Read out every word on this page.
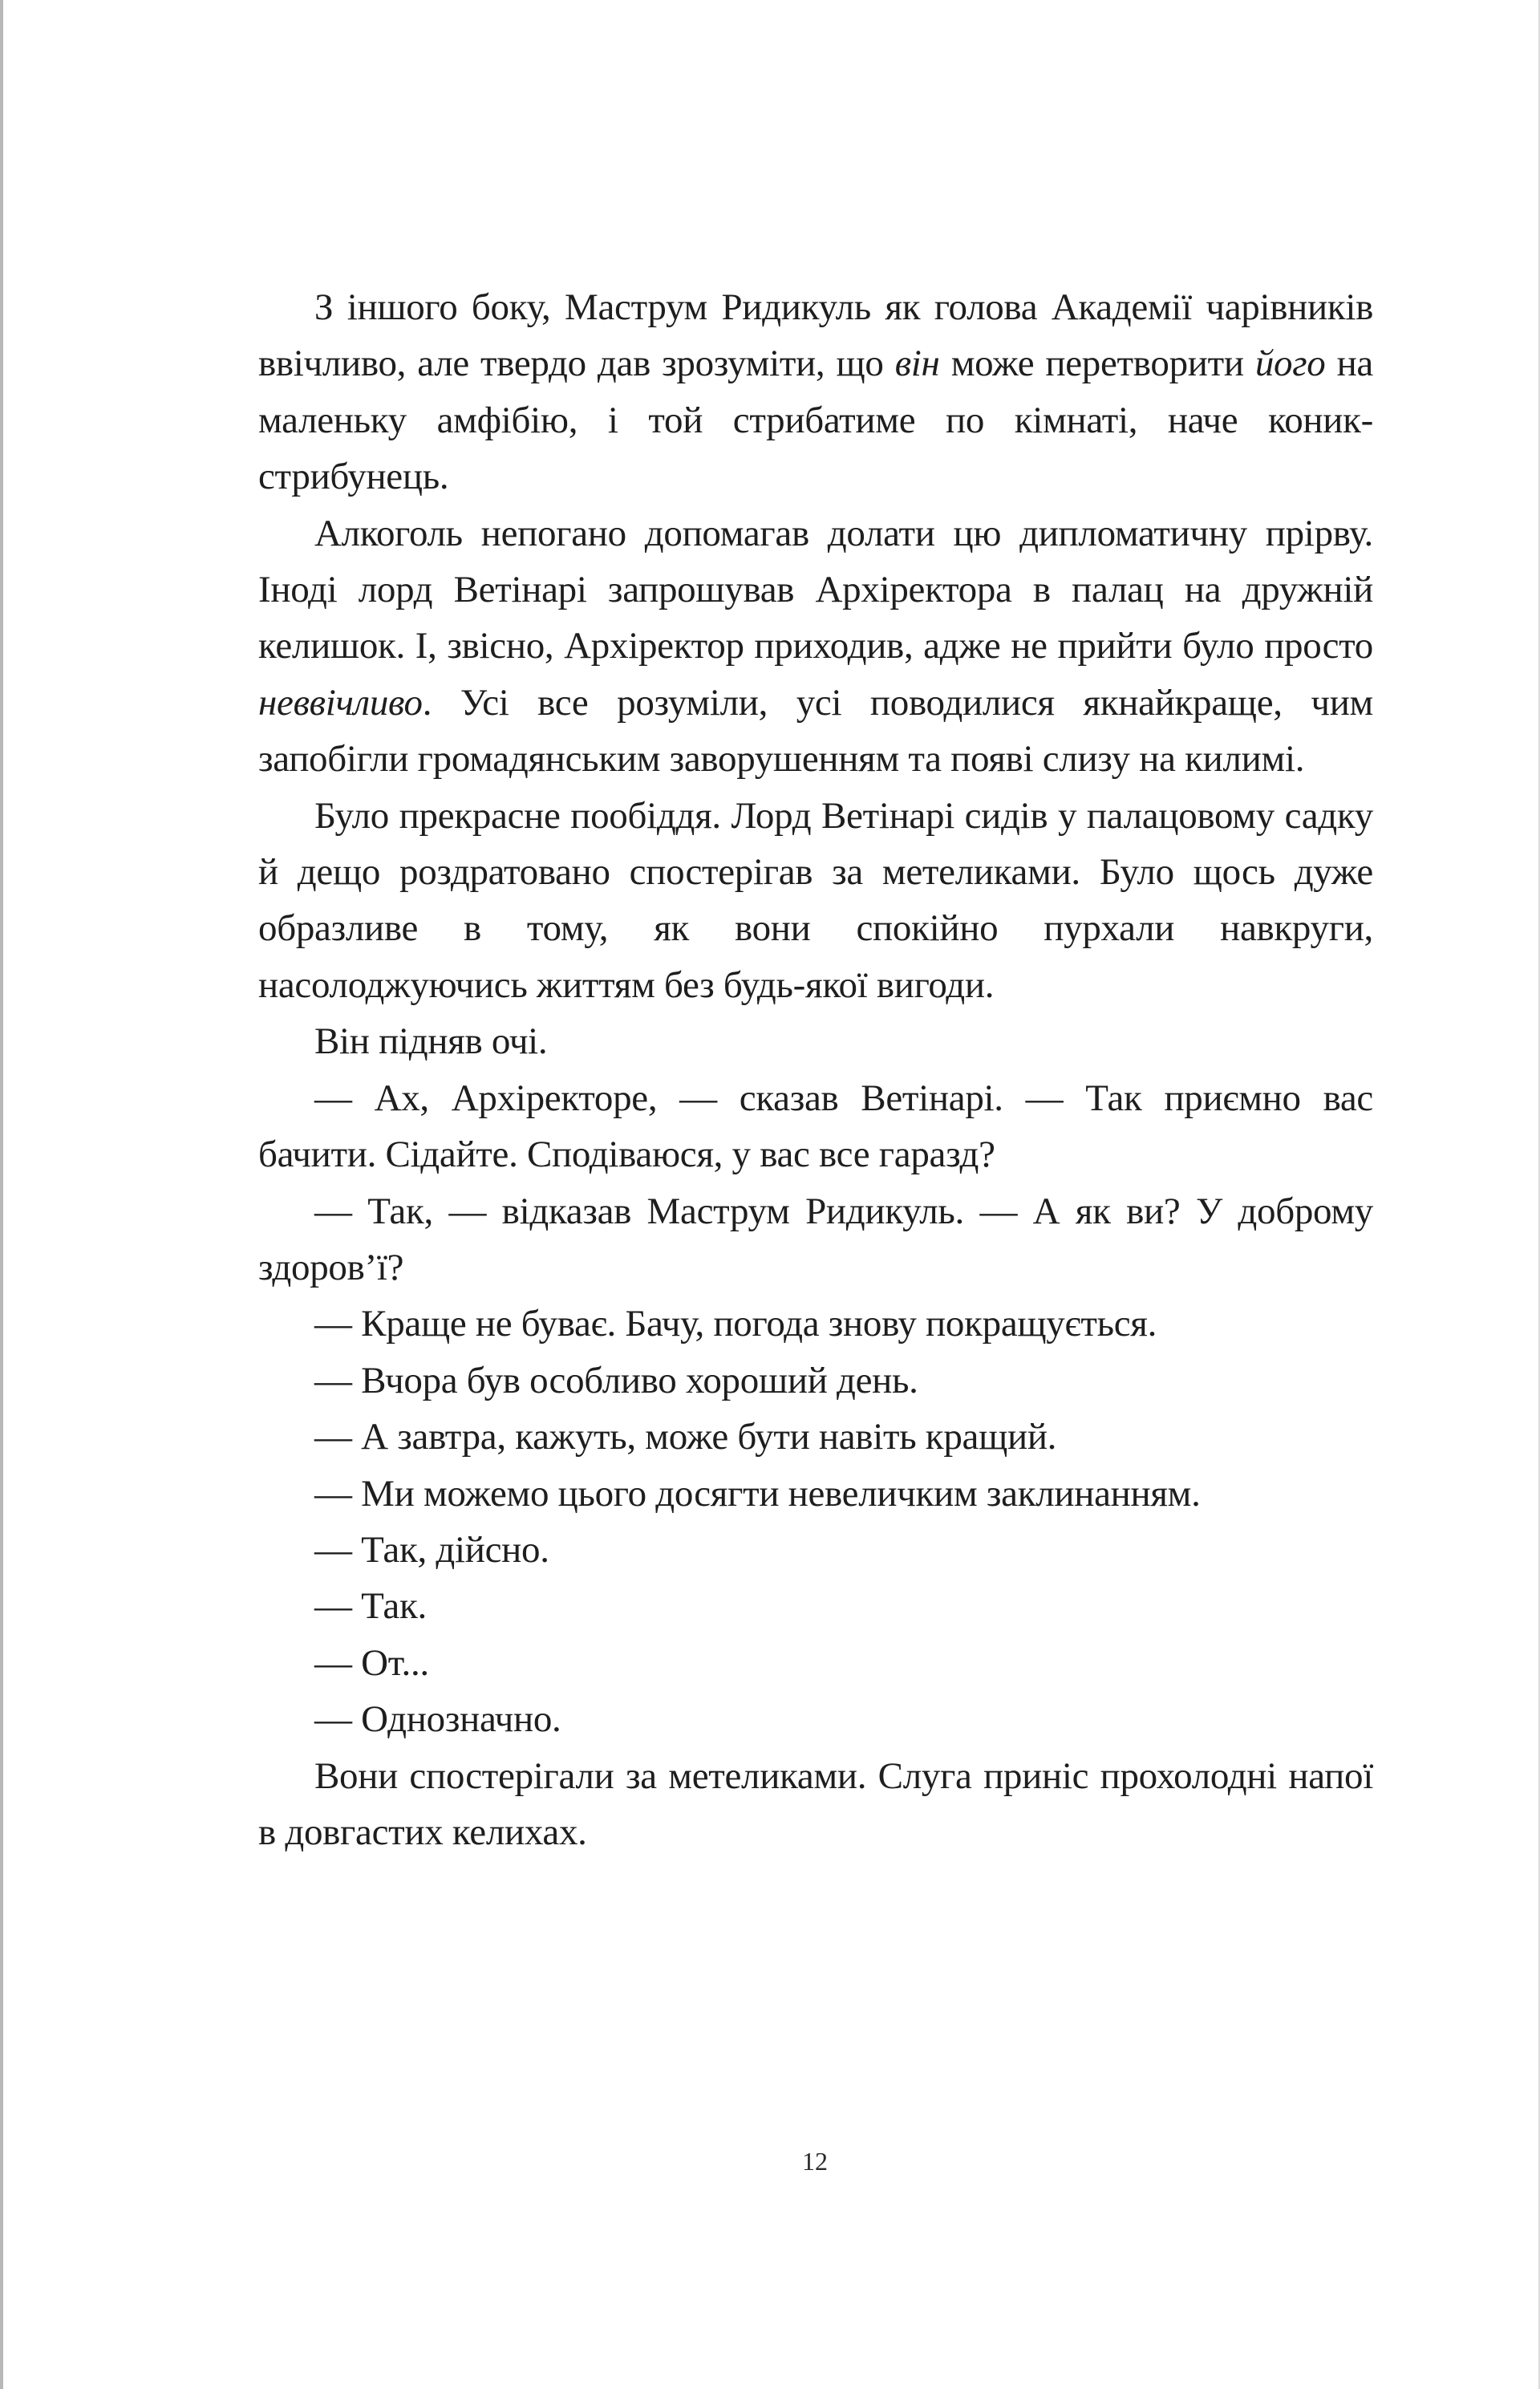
З іншого боку, Маструм Ридикуль як голова Академії чарівників ввічливо, але твердо дав зрозуміти, що він може перетворити його на маленьку амфібію, і той стрибатиме по кімнаті, наче коник-стрибунець.

Алкоголь непогано допомагав долати цю дипломатичну прірву. Іноді лорд Ветінарі запрошував Архіректора в палац на дружній келишок. І, звісно, Архіректор приходив, адже не прийти було просто неввічливо. Усі все розуміли, усі поводилися якнайкраще, чим запобігли громадянським заворушенням та появі слизу на килимі.

Було прекрасне пообіддя. Лорд Ветінарі сидів у палацовому садку й дещо роздратовано спостерігав за метеликами. Було щось дуже образливе в тому, як вони спокійно пурхали навкруги, насолоджуючись життям без будь-якої вигоди.

Він підняв очі.

— Ах, Архіректоре, — сказав Ветінарі. — Так приємно вас бачити. Сідайте. Сподіваюся, у вас все гаразд?

— Так, — відказав Маструм Ридикуль. — А як ви? У доброму здоров’ї?

— Краще не буває. Бачу, погода знову покращується.

— Вчора був особливо хороший день.

— А завтра, кажуть, може бути навіть кращий.

— Ми можемо цього досягти невеличким заклинанням.

— Так, дійсно.

— Так.

— От...

— Однозначно.

Вони спостерігали за метеликами. Слуга приніс прохолодні напої в довгастих келихах.

12
